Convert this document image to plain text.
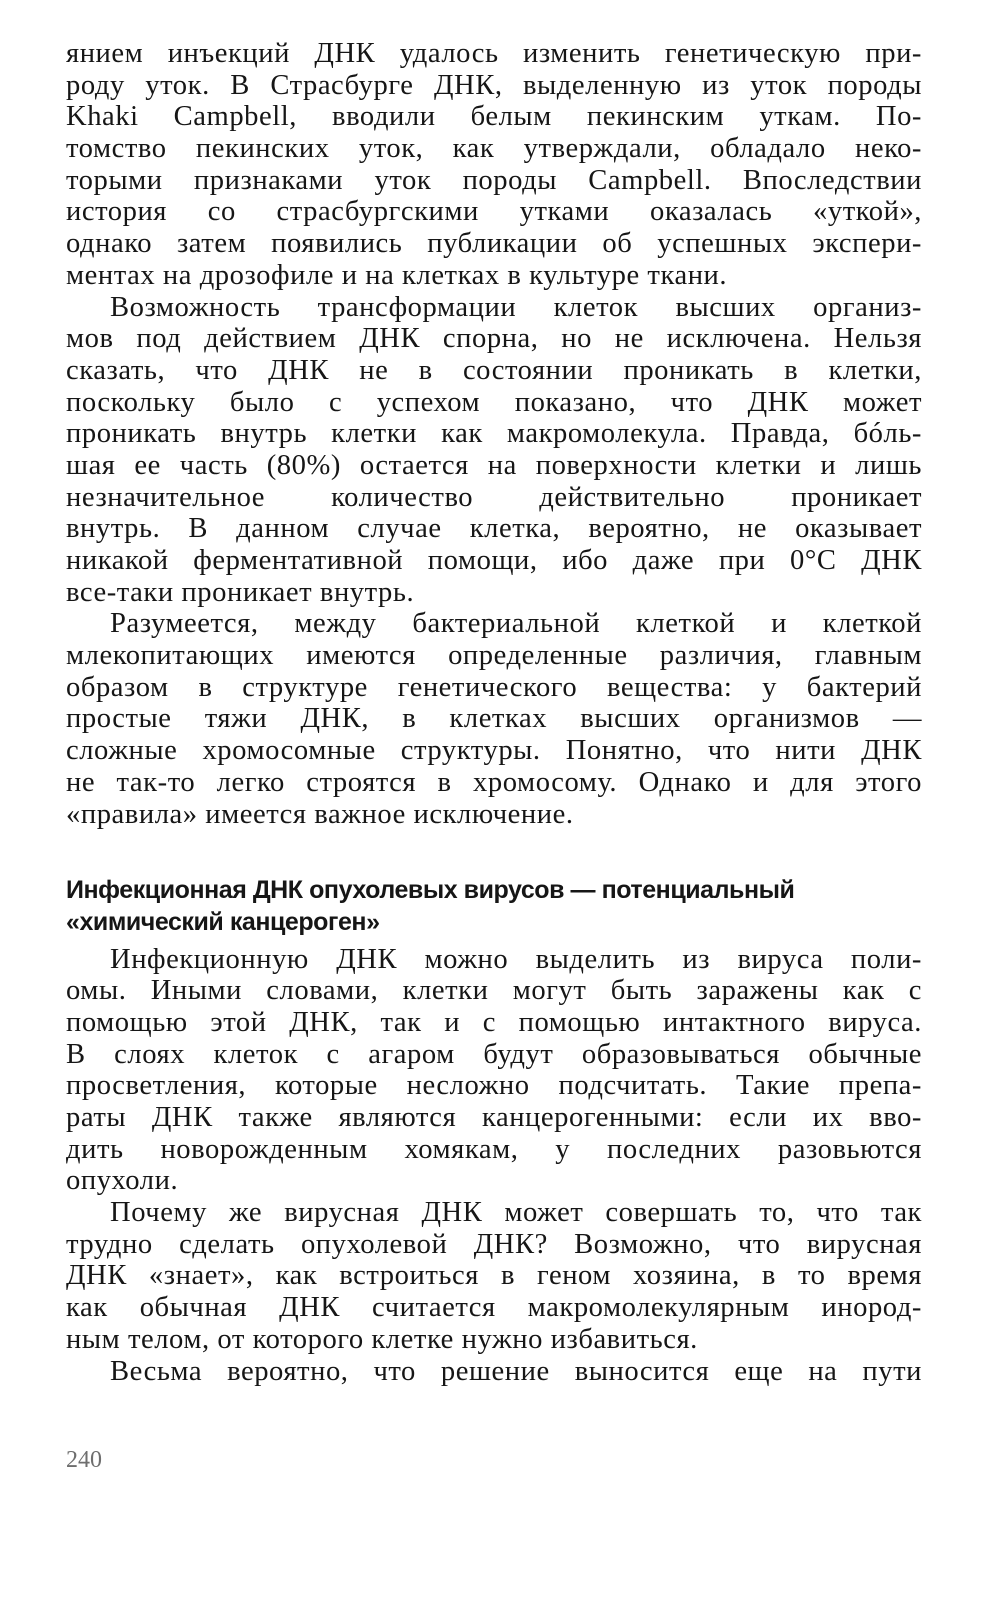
янием инъекций ДНК удалось изменить генетическую при-
роду уток. В Страсбурге ДНК, выделенную из уток породы
Khaki Campbell, вводили белым пекинским уткам. По-
томство пекинских уток, как утверждали, обладало неко-
торыми признаками уток породы Campbell. Впоследствии
история со страсбургскими утками оказалась «уткой»,
однако затем появились публикации об успешных экспери-
ментах на дрозофиле и на клетках в культуре ткани.
Возможность трансформации клеток высших организ-
мов под действием ДНК спорна, но не исключена. Нельзя
сказать, что ДНК не в состоянии проникать в клетки,
поскольку было с успехом показано, что ДНК может
проникать внутрь клетки как макромолекула. Правда, бóль-
шая ее часть (80%) остается на поверхности клетки и лишь
незначительное количество действительно проникает
внутрь. В данном случае клетка, вероятно, не оказывает
никакой ферментативной помощи, ибо даже при 0°С ДНК
все-таки проникает внутрь.
Разумеется, между бактериальной клеткой и клеткой
млекопитающих имеются определенные различия, главным
образом в структуре генетического вещества: у бактерий
простые тяжи ДНК, в клетках высших организмов —
сложные хромосомные структуры. Понятно, что нити ДНК
не так-то легко строятся в хромосому. Однако и для этого
«правила» имеется важное исключение.
Инфекционная ДНК опухолевых вирусов — потенциальный
«химический канцероген»
Инфекционную ДНК можно выделить из вируса поли-
омы. Иными словами, клетки могут быть заражены как с
помощью этой ДНК, так и с помощью интактного вируса.
В слоях клеток с агаром будут образовываться обычные
просветления, которые несложно подсчитать. Такие препа-
раты ДНК также являются канцерогенными: если их вво-
дить новорожденным хомякам, у последних разовьются
опухоли.
Почему же вирусная ДНК может совершать то, что так
трудно сделать опухолевой ДНК? Возможно, что вирусная
ДНК «знает», как встроиться в геном хозяина, в то время
как обычная ДНК считается макромолекулярным инород-
ным телом, от которого клетке нужно избавиться.
Весьма вероятно, что решение выносится еще на пути
240
